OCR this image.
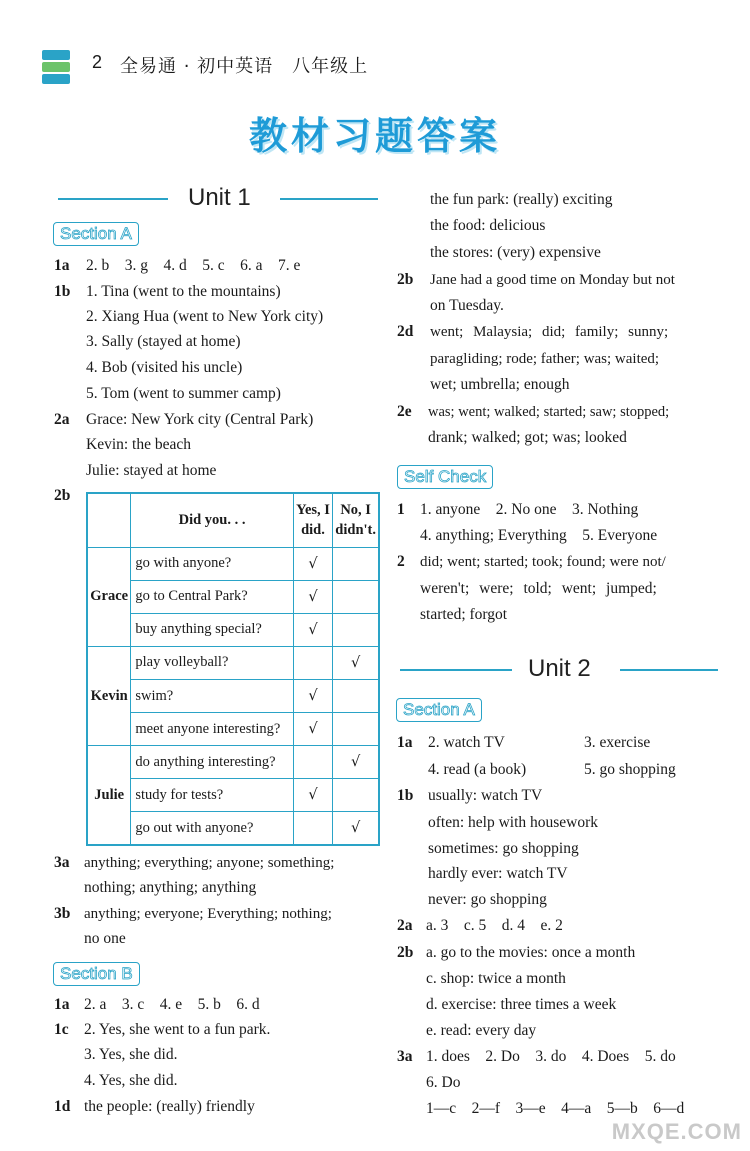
2 全易通 · 初中英语　八年级上
教材习题答案
Unit 1
Section A
1a 2. b　3. g　4. d　5. c　6. a　7. e
1b 1. Tina (went to the mountains)
2. Xiang Hua (went to New York city)
3. Sally (stayed at home)
4. Bob (visited his uncle)
5. Tom (went to summer camp)
2a Grace: New York city (Central Park)
Kevin: the beach
Julie: stayed at home
2b
	Did you. . .	Yes, I did.	No, I didn't.
Grace	go with anyone?	√	
	go to Central Park?	√	
	buy anything special?	√	
Kevin	play volleyball?		√
	swim?	√	
	meet anyone interesting?	√	
Julie	do anything interesting?		√
	study for tests?	√	
	go out with anyone?		√
3a anything; everything; anyone; something;
nothing; anything; anything
3b anything; everyone; Everything; nothing;
no one
Section B
1a 2. a　3. c　4. e　5. b　6. d
1c 2. Yes, she went to a fun park.
3. Yes, she did.
4. Yes, she did.
1d the people: (really) friendly
the fun park: (really) exciting
the food: delicious
the stores: (very) expensive
2b Jane had a good time on Monday but not
on Tuesday.
2d went; Malaysia; did; family; sunny;
paragliding; rode; father; was; waited;
wet; umbrella; enough
2e was; went; walked; started; saw; stopped;
drank; walked; got; was; looked
Self Check
1 1. anyone　2. No one　3. Nothing
4. anything; Everything　5. Everyone
2 did; went; started; took; found; were not/
weren't; were; told; went; jumped;
started; forgot
Unit 2
Section A
1a 2. watch TV	3. exercise
4. read (a book)	5. go shopping
1b usually: watch TV
often: help with housework
sometimes: go shopping
hardly ever: watch TV
never: go shopping
2a a. 3　c. 5　d. 4　e. 2
2b a. go to the movies: once a month
c. shop: twice a month
d. exercise: three times a week
e. read: every day
3a 1. does　2. Do　3. do　4. Does　5. do
6. Do
1—c　2—f　3—e　4—a　5—b　6—d
MXQE.COM
